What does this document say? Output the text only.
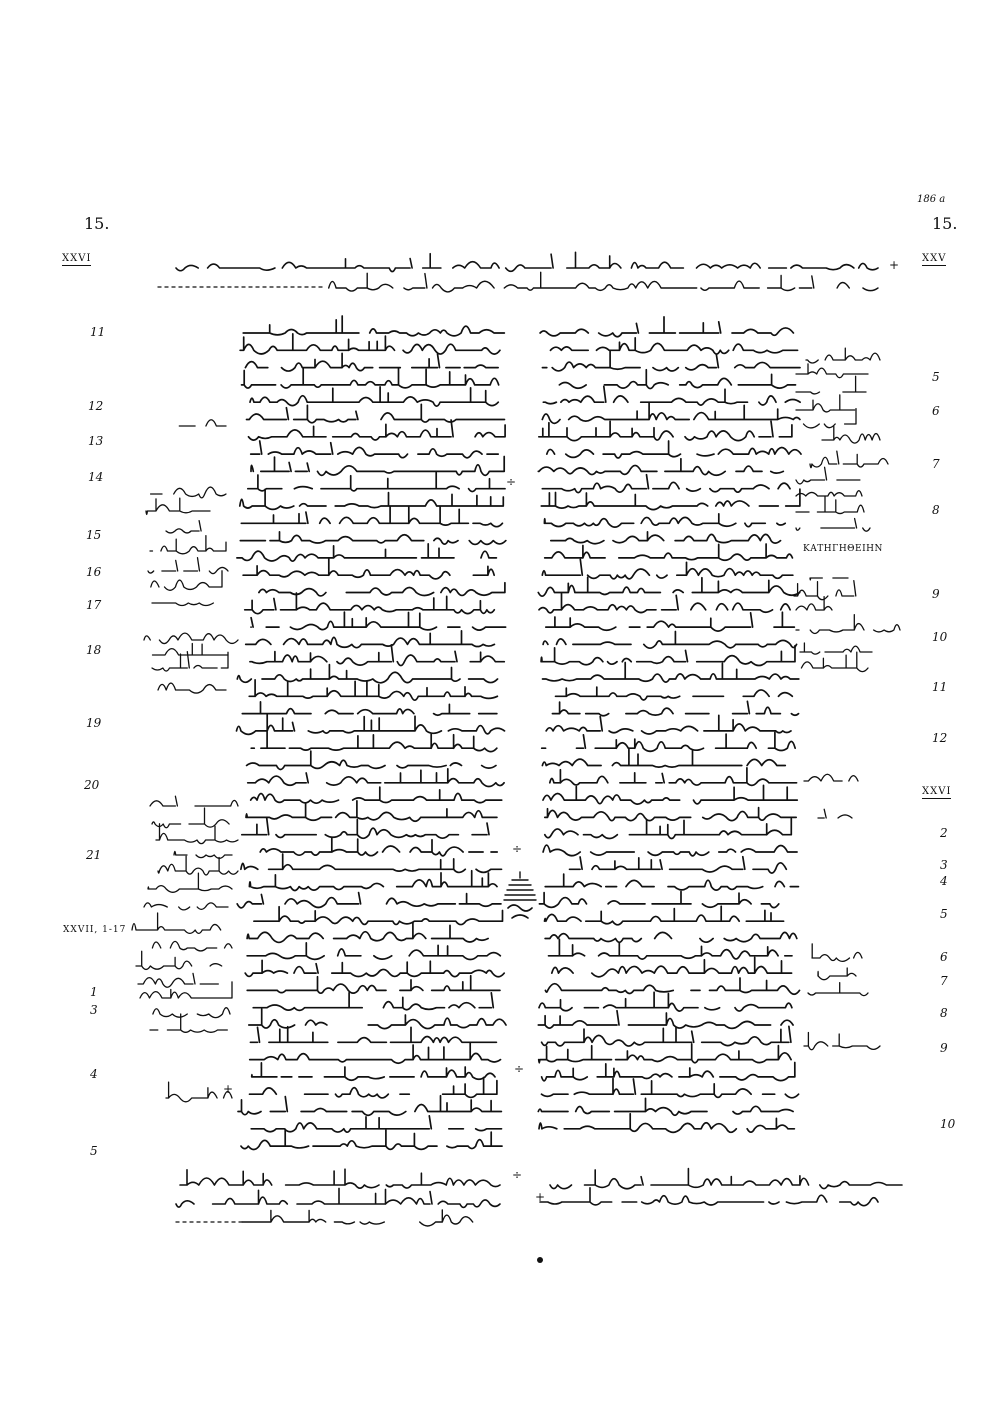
15.	15.
186 a
XXVI	XXV
XXVI
XXVII, 1-17
11
12
13
14
15
16
17
18
19
20
21
1
3
4
5
5
6
7
8
9
10
11
12
2
3
4
5
6
7
8
9
10
÷
÷
÷
÷
+
+
+
ΚΑΤΗΓΗΘΕΙΗΝ
